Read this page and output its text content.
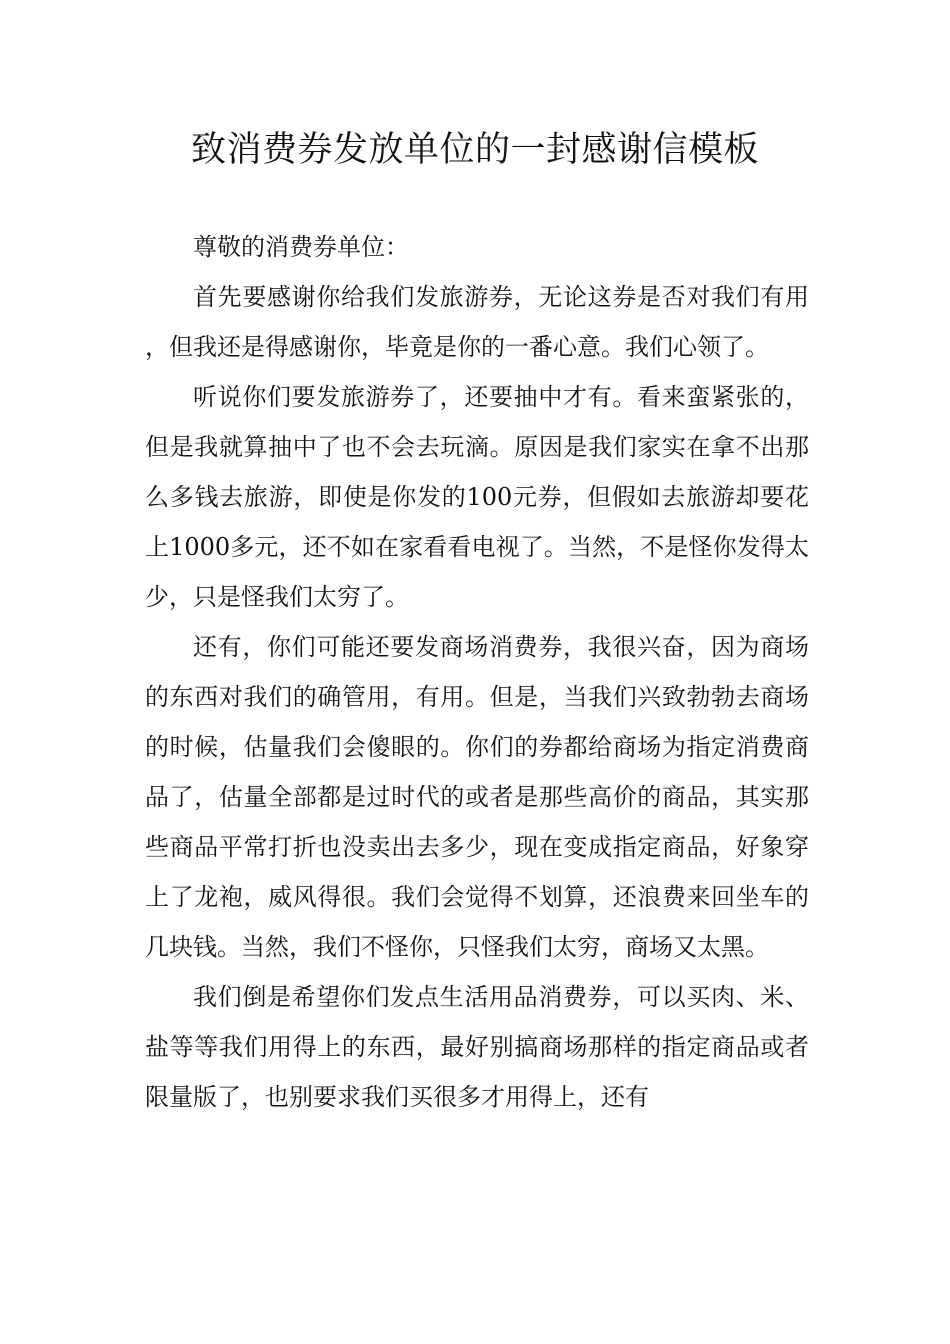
致消费券发放单位的一封感谢信模板

尊敬的消费券单位：

首先要感谢你给我们发旅游券，无论这券是否对我们有用，但我还是得感谢你，毕竟是你的一番心意。我们心领了。

听说你们要发旅游券了，还要抽中才有。看来蛮紧张的，但是我就算抽中了也不会去玩滴。原因是我们家实在拿不出那么多钱去旅游，即使是你发的100元券，但假如去旅游却要花上1000多元，还不如在家看看电视了。当然，不是怪你发得太少，只是怪我们太穷了。

还有，你们可能还要发商场消费券，我很兴奋，因为商场的东西对我们的确管用，有用。但是，当我们兴致勃勃去商场的时候，估量我们会傻眼的。你们的券都给商场为指定消费商品了，估量全部都是过时代的或者是那些高价的商品，其实那些商品平常打折也没卖出去多少，现在变成指定商品，好象穿上了龙袍，威风得很。我们会觉得不划算，还浪费来回坐车的几块钱。当然，我们不怪你，只怪我们太穷，商场又太黑。

我们倒是希望你们发点生活用品消费券，可以买肉、米、盐等等我们用得上的东西，最好别搞商场那样的指定商品或者限量版了，也别要求我们买很多才用得上，还有
